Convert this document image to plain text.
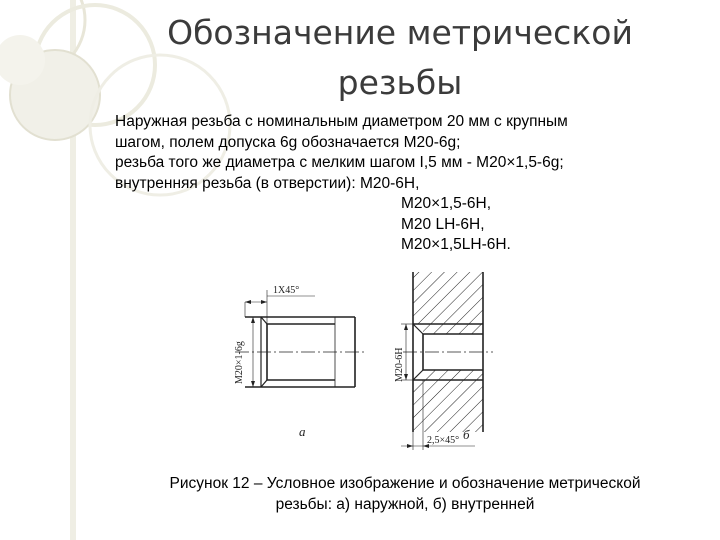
Обозначение метрической
резьбы
Наружная резьба с номинальным диаметром 20 мм с крупным
шагом, полем допуска 6g обозначается М20-6g;
резьба того же диаметра с мелким шагом I,5 мм - М20×1,5-6g;
внутренняя резьба (в отверстии): М20-6Н,
М20×1,5-6Н,
М20 LН-6Н,
М20×1,5LН-6Н.
1X45°
М20×1-6g
а
М20-6Н
2,5×45° б
Рисунок 12 – Условное изображение и обозначение метрической
резьбы: а) наружной, б) внутренней
